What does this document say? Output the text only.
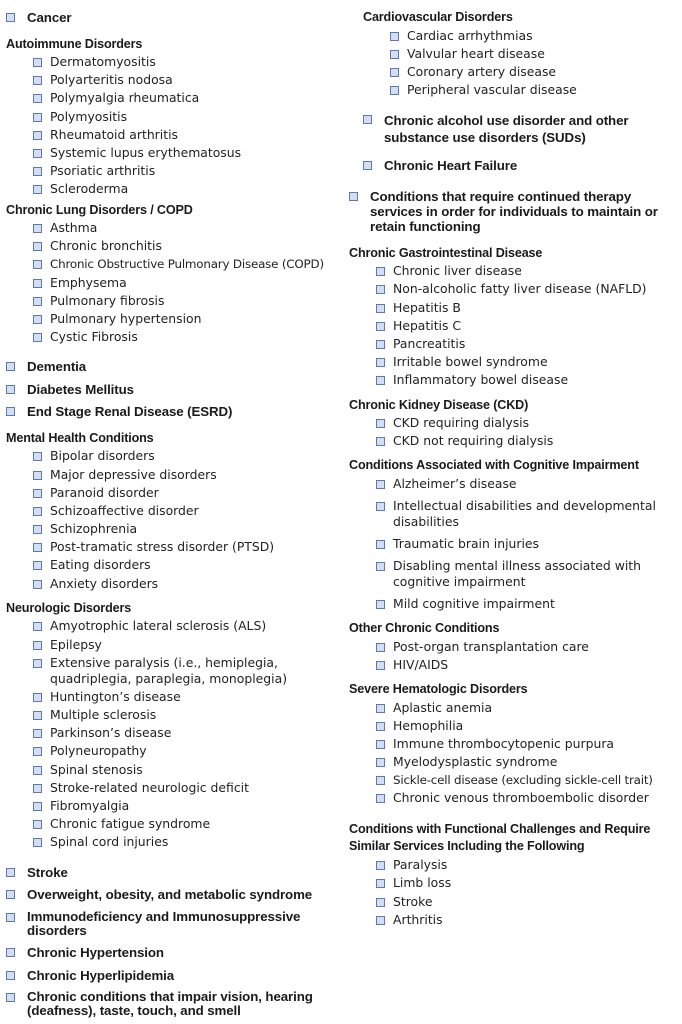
Cancer
Autoimmune Disorders
Dermatomyositis
Polyarteritis nodosa
Polymyalgia rheumatica
Polymyositis
Rheumatoid arthritis
Systemic lupus erythematosus
Psoriatic arthritis
Scleroderma
Chronic Lung Disorders / COPD
Asthma
Chronic bronchitis
Chronic Obstructive Pulmonary Disease (COPD)
Emphysema
Pulmonary fibrosis
Pulmonary hypertension
Cystic Fibrosis
Dementia
Diabetes Mellitus
End Stage Renal Disease (ESRD)
Mental Health Conditions
Bipolar disorders
Major depressive disorders
Paranoid disorder
Schizoaffective disorder
Schizophrenia
Post-tramatic stress disorder (PTSD)
Eating disorders
Anxiety disorders
Neurologic Disorders
Amyotrophic lateral sclerosis (ALS)
Epilepsy
Extensive paralysis (i.e., hemiplegia, quadriplegia, paraplegia, monoplegia)
Huntington’s disease
Multiple sclerosis
Parkinson’s disease
Polyneuropathy
Spinal stenosis
Stroke-related neurologic deficit
Fibromyalgia
Chronic fatigue syndrome
Spinal cord injuries
Stroke
Overweight, obesity, and metabolic syndrome
Immunodeficiency and Immunosuppressive disorders
Chronic Hypertension
Chronic Hyperlipidemia
Chronic conditions that impair vision, hearing (deafness), taste, touch, and smell
Cardiovascular Disorders
Cardiac arrhythmias
Valvular heart disease
Coronary artery disease
Peripheral vascular disease
Chronic alcohol use disorder and other substance use disorders (SUDs)
Chronic Heart Failure
Conditions that require continued therapy services in order for individuals to maintain or retain functioning
Chronic Gastrointestinal Disease
Chronic liver disease
Non-alcoholic fatty liver disease (NAFLD)
Hepatitis B
Hepatitis C
Pancreatitis
Irritable bowel syndrome
Inflammatory bowel disease
Chronic Kidney Disease (CKD)
CKD requiring dialysis
CKD not requiring dialysis
Conditions Associated with Cognitive Impairment
Alzheimer’s disease
Intellectual disabilities and developmental disabilities
Traumatic brain injuries
Disabling mental illness associated with cognitive impairment
Mild cognitive impairment
Other Chronic Conditions
Post-organ transplantation care
HIV/AIDS
Severe Hematologic Disorders
Aplastic anemia
Hemophilia
Immune thrombocytopenic purpura
Myelodysplastic syndrome
Sickle-cell disease (excluding sickle-cell trait)
Chronic venous thromboembolic disorder
Conditions with Functional Challenges and Require Similar Services Including the Following
Paralysis
Limb loss
Stroke
Arthritis
